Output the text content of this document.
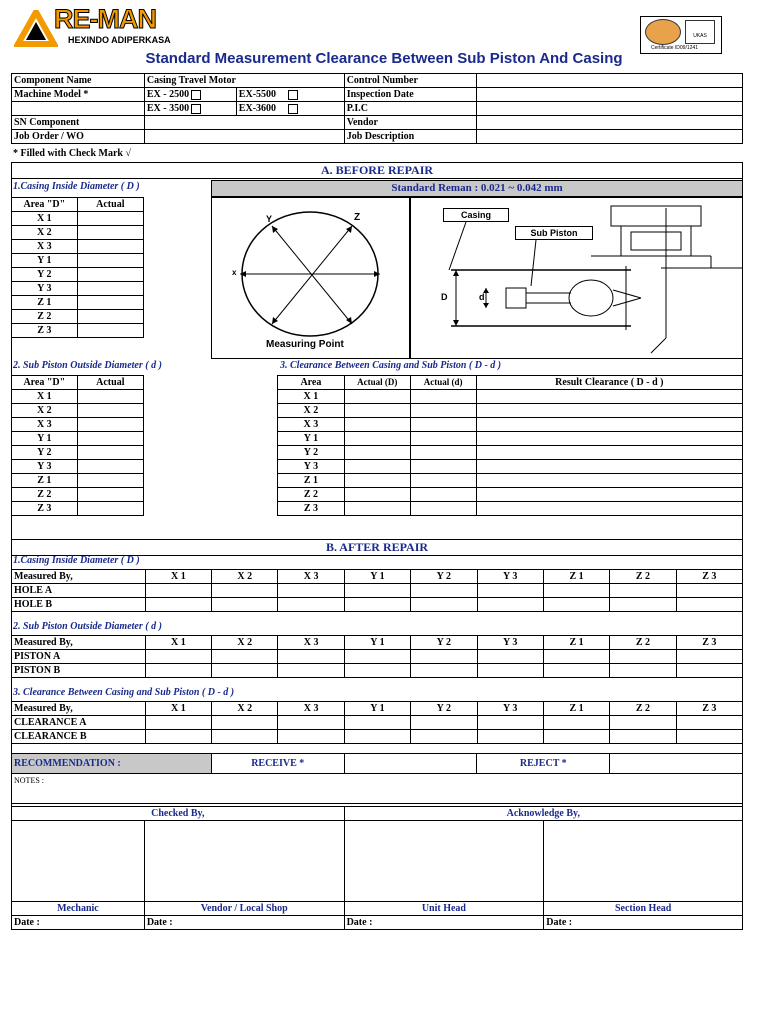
RE-MAN
HEXINDO ADIPERKASA
Standard Measurement Clearance Between Sub Piston And Casing
UKAS
Certificate ID09/1241
Component Name	Casing Travel Motor		Control Number	
Machine Model *	EX - 2500	EX-5500	Inspection Date	
	EX - 3500	EX-3600	P.I.C	
SN Component			Vendor	
Job Order / WO			Job Description	
* Filled with Check Mark √
A. BEFORE REPAIR
1.Casing Inside Diameter ( D )	Standard Reman : 0.021 ~ 0.042 mm
Area "D"	Actual
X 1	
X 2	
X 3	
Y 1	
Y 2	
Y 3	
Z 1	
Z 2	
Z 3	
x
Y	Z
Measuring Point
Casing
Sub Piston
D	d
2. Sub Piston Outside Diameter ( d )	3. Clearance Between Casing and Sub Piston ( D - d )
Area "D"	Actual
X 1	
X 2	
X 3	
Y 1	
Y 2	
Y 3	
Z 1	
Z 2	
Z 3	
Area	Actual (D)	Actual (d)	Result Clearance ( D - d )
X 1			
X 2			
X 3			
Y 1			
Y 2			
Y 3			
Z 1			
Z 2			
Z 3			
B. AFTER REPAIR
1.Casing Inside Diameter ( D )
Measured By,	X 1	X 2	X 3	Y 1	Y 2	Y 3	Z 1	Z 2	Z 3
HOLE A									
HOLE B									
2. Sub Piston Outside Diameter ( d )
Measured By,	X 1	X 2	X 3	Y 1	Y 2	Y 3	Z 1	Z 2	Z 3
PISTON A									
PISTON B									
3. Clearance Between Casing and Sub Piston ( D - d )
Measured By,	X 1	X 2	X 3	Y 1	Y 2	Y 3	Z 1	Z 2	Z 3
CLEARANCE A									
CLEARANCE B									
RECOMMENDATION :	RECEIVE *		REJECT *	
NOTES :
Checked By,		Acknowledge By,	

Mechanic	Vendor / Local Shop	Unit Head	Section Head
Date :	Date :	Date :	Date :
